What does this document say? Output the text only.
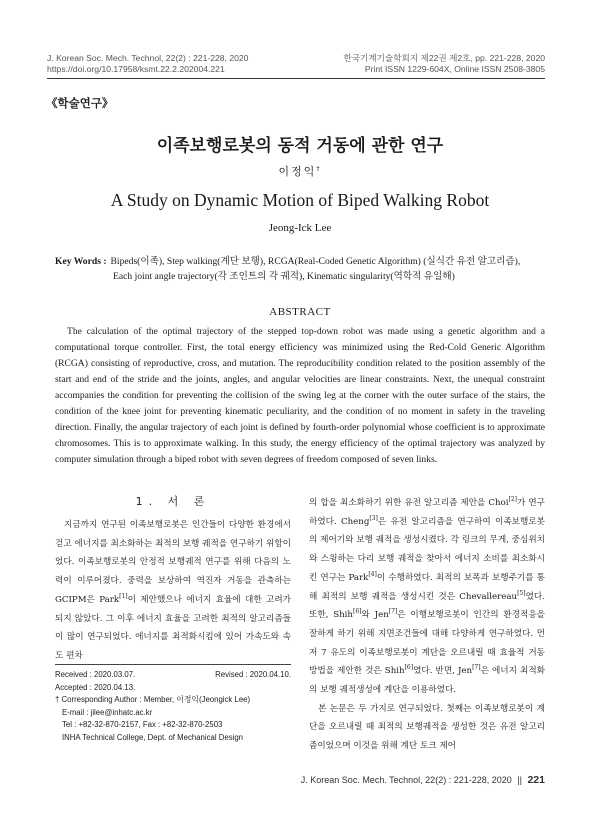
J. Korean Soc. Mech. Technol, 22(2) : 221-228, 2020
https://doi.org/10.17958/ksmt.22.2.202004.221
한국기계기술학회지 제22권 제2호, pp. 221-228, 2020
Print ISSN 1229-604X, Online ISSN 2508-3805
《학술연구》
이족보행로봇의 동적 거동에 관한 연구
이정익†
A Study on Dynamic Motion of Biped Walking Robot
Jeong-Ick Lee
Key Words : Bipeds(이족), Step walking(계단 보행), RCGA(Real-Coded Genetic Algorithm) (실식간 유전 알고리즘),
Each joint angle trajectory(각 조인트의 각 궤적), Kinematic singularity(역학적 유일해)
ABSTRACT
The calculation of the optimal trajectory of the stepped top-down robot was made using a genetic algorithm and a computational torque controller. First, the total energy efficiency was minimized using the Red-Cold Generic Algorithm (RCGA) consisting of reproductive, cross, and mutation. The reproducibility condition related to the position assembly of the start and end of the stride and the joints, angles, and angular velocities are linear constraints. Next, the unequal constraint accompanies the condition for preventing the collision of the swing leg at the corner with the outer surface of the stairs, the condition of the knee joint for preventing kinematic peculiarity, and the condition of no moment in safety in the traveling direction. Finally, the angular trajectory of each joint is defined by fourth-order polynomial whose coefficient is to approximate chromosomes. This is to approximate walking. In this study, the energy efficiency of the optimal trajectory was analyzed by computer simulation through a biped robot with seven degrees of freedom composed of seven links.
1. 서 론
지금까지 연구된 이족보행로봇은 인간들이 다양한 환경에서 걷고 에너지를 최소화하는 최적의 보행 궤적을 연구하기 위함이었다. 이족보행로봇의 안정적 보행궤적 연구를 위해 다음의 노력이 이루어졌다. 중력을 보상하여 역진자 거동을 관측하는 GCIPM은 Park[1]이 제안했으나 에너지 효율에 대한 고려가 되지 않았다. 그 이후 에너지 효율을 고려한 최적의 알고리즘들이 많이 연구되었다. 에너지를 최적화시킴에 있어 가속도와 속도 편차
Received : 2020.03.07.	Revised : 2020.04.10.
Accepted : 2020.04.13.
† Corresponding Author : Member, 이정익(Jeongick Lee)
E-mail : jilee@inhatc.ac.kr
Tel : +82-32-870-2157, Fax : +82-32-870-2503
INHA Technical College, Dept. of Mechanical Design
의 합을 최소화하기 위한 유전 알고리즘 제안을 Choi[2]가 연구하였다. Cheng[3]은 유전 알고리즘을 연구하여 이족보행로봇의 제어기와 보행 궤적을 생성시켰다. 각 링크의 무게, 중심위치와 스윙하는 다리 보행 궤적을 찾아서 에너지 소비를 최소화시킨 연구는 Park[4]이 수행하였다. 최적의 보폭과 보행주기를 통해 최적의 보행 궤적을 생성시킨 것은 Chevallereau[5]였다. 또한, Shih[6]와 Jen[7]은 이행보행로봇이 인간의 환경적응을 잘하게 하기 위해 지면조건들에 대해 다양하게 연구하였다. 먼저 7 유도의 이족보행로봇이 계단을 오르내릴 때 효율적 거동 방법을 제안한 것은 Shih[6]였다. 반면, Jen[7]은 에너지 최적화의 보행 궤적생성에 계단을 이용하였다.
본 논문은 두 가지로 연구되었다. 첫째는 이족보행로봇이 계단을 오르내릴 때 최적의 보행궤적을 생성한 것은 유전 알고리즘이었으며 이것을 위해 계단 토크 제어
J. Korean Soc. Mech. Technol, 22(2) : 221-228, 2020 || 221
